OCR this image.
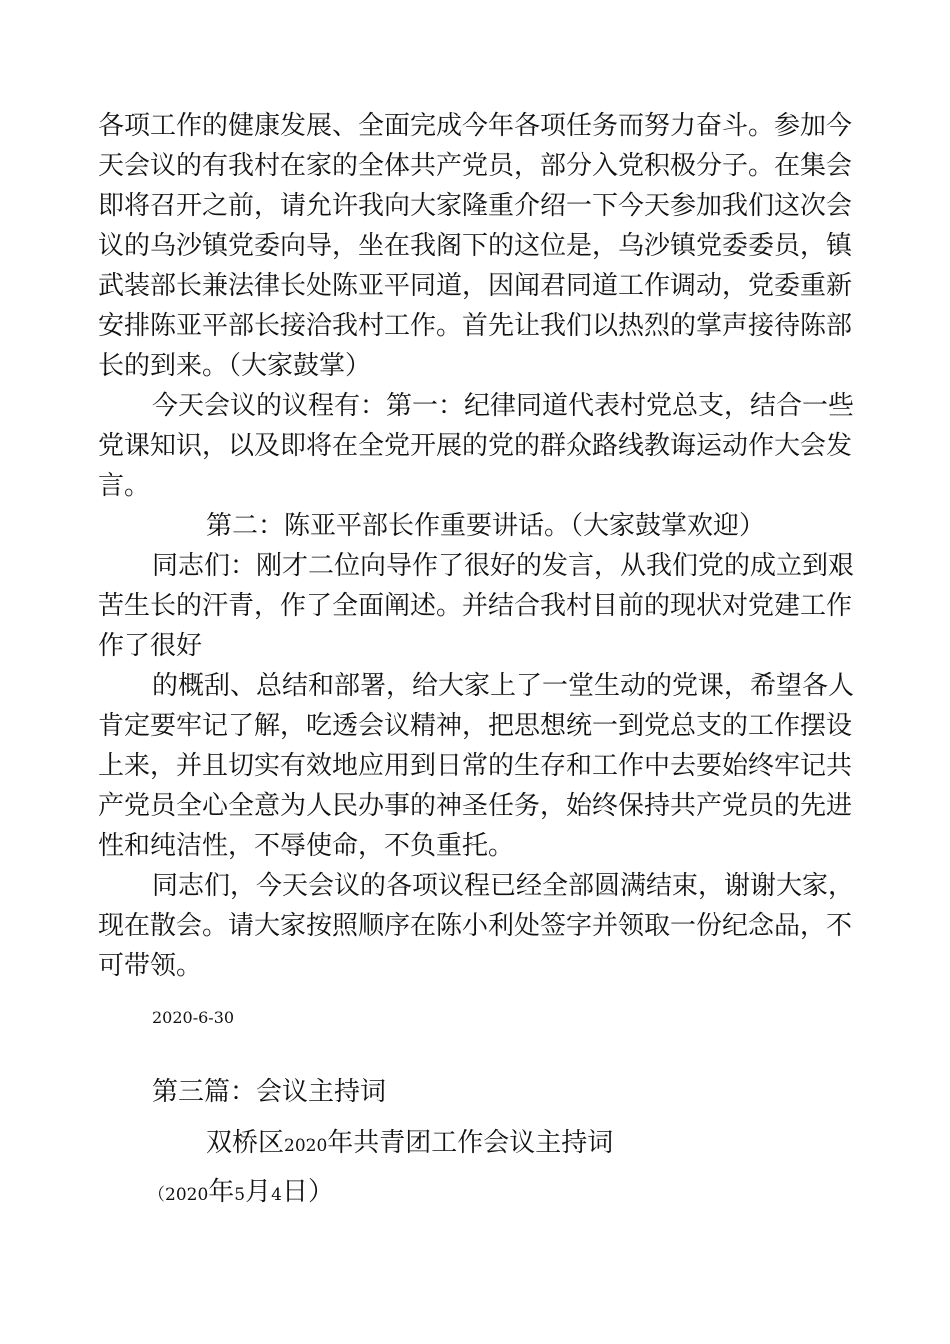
各项工作的健康发展、全面完成今年各项任务而努力奋斗。参加今天会议的有我村在家的全体共产党员，部分入党积极分子。在集会即将召开之前，请允许我向大家隆重介绍一下今天参加我们这次会议的乌沙镇党委向导，坐在我阁下的这位是，乌沙镇党委委员，镇武装部长兼法律长处陈亚平同道，因闻君同道工作调动，党委重新安排陈亚平部长接洽我村工作。首先让我们以热烈的掌声接待陈部长的到来。（大家鼓掌）

今天会议的议程有：第一：纪律同道代表村党总支，结合一些党课知识，以及即将在全党开展的党的群众路线教诲运动作大会发言。

第二：陈亚平部长作重要讲话。（大家鼓掌欢迎）

同志们：刚才二位向导作了很好的发言，从我们党的成立到艰苦生长的汗青，作了全面阐述。并结合我村目前的现状对党建工作作了很好

的概刮、总结和部署，给大家上了一堂生动的党课，希望各人肯定要牢记了解，吃透会议精神，把思想统一到党总支的工作摆设上来，并且切实有效地应用到日常的生存和工作中去要始终牢记共产党员全心全意为人民办事的神圣任务，始终保持共产党员的先进性和纯洁性，不辱使命，不负重托。

同志们，今天会议的各项议程已经全部圆满结束，谢谢大家，现在散会。请大家按照顺序在陈小利处签字并领取一份纪念品，不可带领。

2020-6-30

第三篇：会议主持词

双桥区2020年共青团工作会议主持词
（2020年5月4日）
